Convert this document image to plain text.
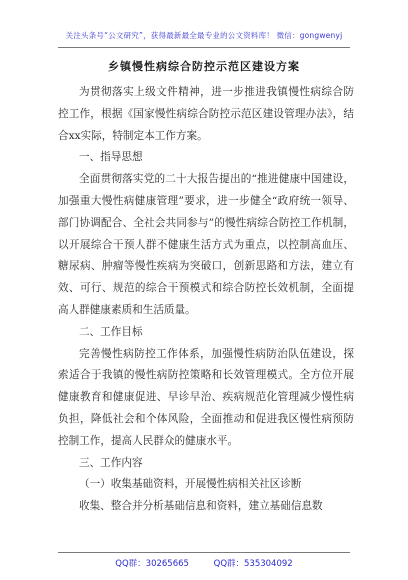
关注头条号“公文研究”，获得最新最全最专业的公文资料库！ 微信：gongwenyj
乡镇慢性病综合防控示范区建设方案

为贯彻落实上级文件精神，进一步推进我镇慢性病综合防控工作，根据《国家慢性病综合防控示范区建设管理办法》，结合xx实际，特制定本工作方案。

一、指导思想

全面贯彻落实党的二十大报告提出的“推进健康中国建设，加强重大慢性病健康管理”要求，进一步健全“政府统一领导、部门协调配合、全社会共同参与”的慢性病综合防控工作机制，以开展综合干预人群不健康生活方式为重点，以控制高血压、糖尿病、肿瘤等慢性疾病为突破口，创新思路和方法，建立有效、可行、规范的综合干预模式和综合防控长效机制，全面提高人群健康素质和生活质量。

二、工作目标

完善慢性病防控工作体系，加强慢性病防治队伍建设，探索适合于我镇的慢性病防控策略和长效管理模式。全方位开展健康教育和健康促进、早诊早治、疾病规范化管理减少慢性病负担，降低社会和个体风险，全面推动和促进我区慢性病预防控制工作，提高人民群众的健康水平。

三、工作内容

（一）收集基础资料，开展慢性病相关社区诊断

收集、整合并分析基础信息和资料，建立基础信息数

QQ群：30265665	QQ群：535304092
